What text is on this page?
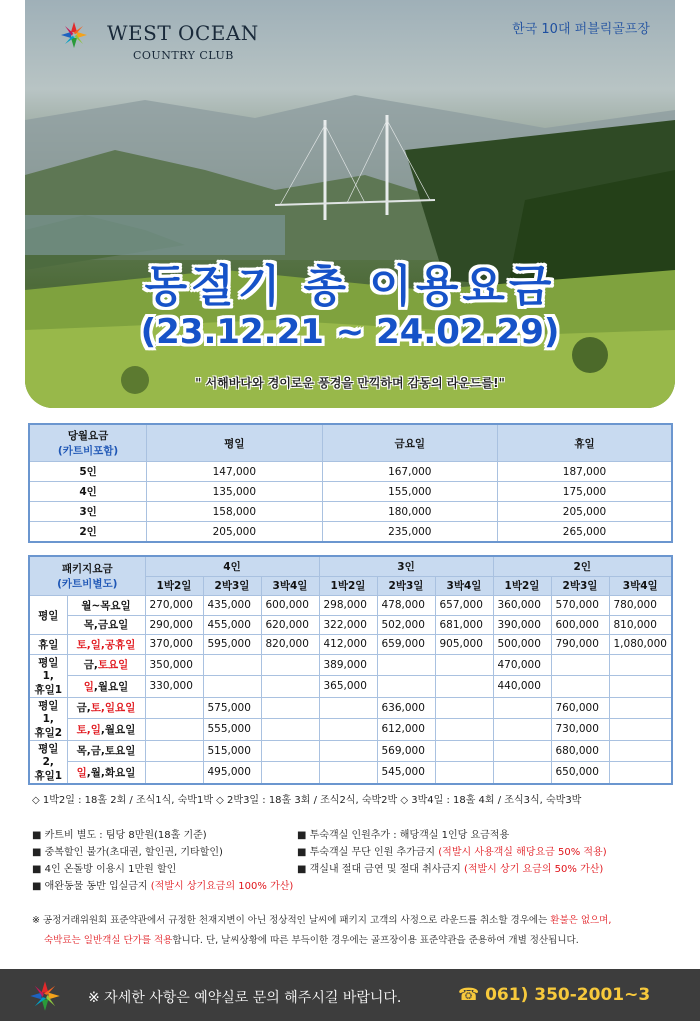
WEST OCEAN
COUNTRY CLUB
한국 10대 퍼블릭골프장
동절기 총 이용요금
(23.12.21 ~ 24.02.29)
" 서해바다와 경이로운 풍경을 만끽하며 감동의 라운드를!"
당월요금
(카트비포함)	평일	금요일	휴일
5인	147,000	167,000	187,000
4인	135,000	155,000	175,000
3인	158,000	180,000	205,000
2인	205,000	235,000	265,000
패키지요금
(카트비별도)		4인			3인			2인		
		1박2일	2박3일	3박4일	1박2일	2박3일	3박4일	1박2일	2박3일	3박4일
평일	월~목요일	270,000	435,000	600,000	298,000	478,000	657,000	360,000	570,000	780,000
	목,금요일	290,000	455,000	620,000	322,000	502,000	681,000	390,000	600,000	810,000
휴일	토,일,공휴일	370,000	595,000	820,000	412,000	659,000	905,000	500,000	790,000	1,080,000

평일1,
휴일1	금,토요일	350,000			389,000			470,000		
	일,월요일	330,000			365,000			440,000		

평일1,
휴일2	금,토,일요일		575,000			636,000			760,000	
	토,일,월요일		555,000			612,000			730,000	

평일2,
휴일1	목,금,토요일		515,000			569,000			680,000	
	일,월,화요일		495,000			545,000			650,000	
◇ 1박2일 : 18홀 2회 / 조식1식, 숙박1박 ◇ 2박3일 : 18홀 3회 / 조식2식, 숙박2박 ◇ 3박4일 : 18홀 4회 / 조식3식, 숙박3박
■ 카트비 별도 : 팀당 8만원(18홀 기준)
■ 중복할인 불가(초대권, 할인권, 기타할인)
■ 4인 온돌방 이용시 1만원 할인
■ 애완동물 동반 입실금지 (적발시 상기요금의 100% 가산)
■ 투숙객실 인원추가 : 해당객실 1인당 요금적용
■ 투숙객실 무단 인원 추가금지 (적발시 사용객실 해당요금 50% 적용)
■ 객실내 절대 금연 및 절대 취사금지 (적발시 상기 요금의 50% 가산)
※ 공정거래위원회 표준약관에서 규정한 천재지변이 아닌 정상적인 날씨에 패키지 고객의 사정으로 라운드를 취소할 경우에는 환불은 없으며,
숙박료는 일반객실 단가를 적용합니다. 단, 날씨상황에 따른 부득이한 경우에는 골프장이용 표준약관을 준용하여 개별 정산됩니다.
※ 자세한 사항은 예약실로 문의 해주시길 바랍니다.	☎ 061) 350-2001~3
